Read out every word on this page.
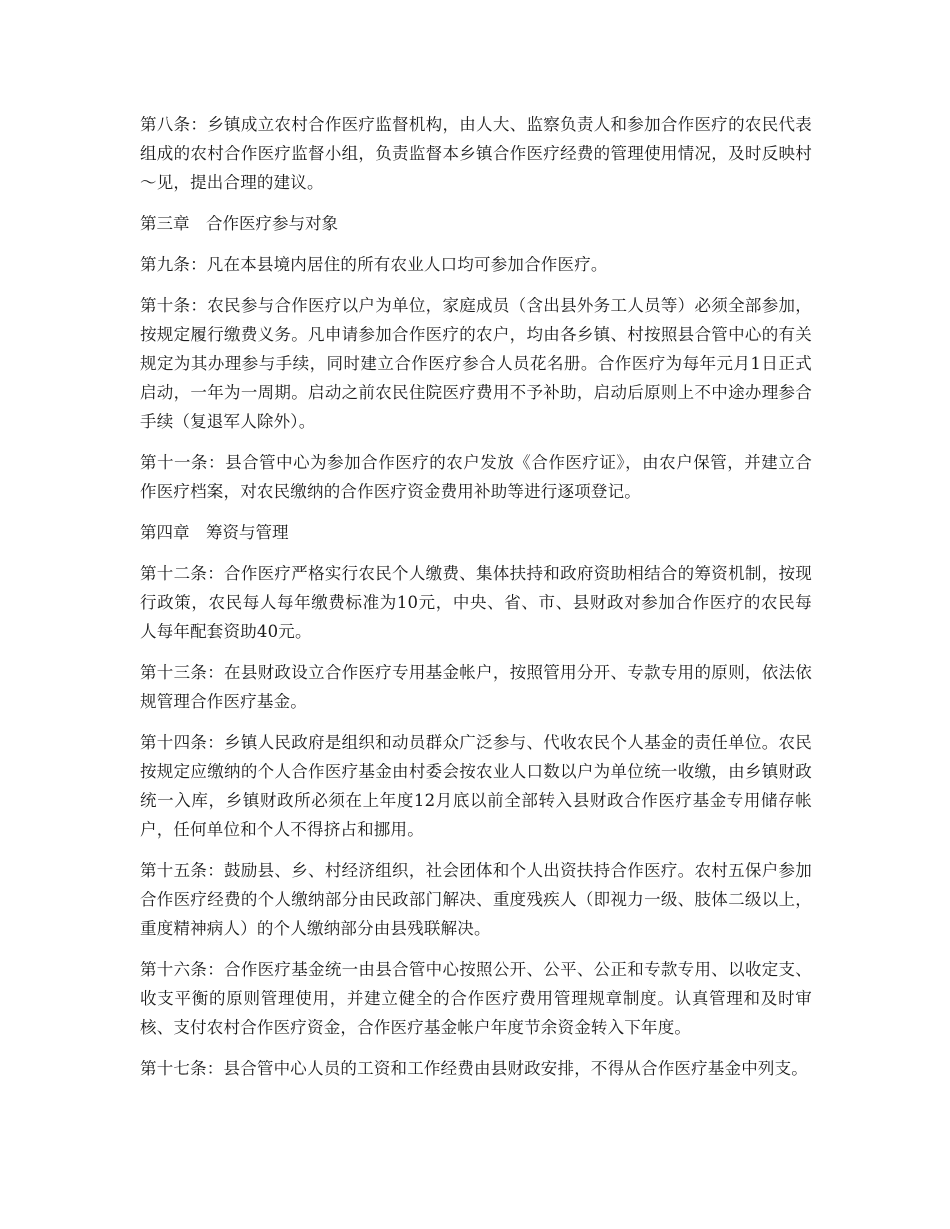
第八条：乡镇成立农村合作医疗监督机构，由人大、监察负责人和参加合作医疗的农民代表组成的农村合作医疗监督小组，负责监督本乡镇合作医疗经费的管理使用情况，及时反映村～见，提出合理的建议。

第三章　合作医疗参与对象

第九条：凡在本县境内居住的所有农业人口均可参加合作医疗。

第十条：农民参与合作医疗以户为单位，家庭成员（含出县外务工人员等）必须全部参加，按规定履行缴费义务。凡申请参加合作医疗的农户，均由各乡镇、村按照县合管中心的有关规定为其办理参与手续，同时建立合作医疗参合人员花名册。合作医疗为每年元月1日正式启动，一年为一周期。启动之前农民住院医疗费用不予补助，启动后原则上不中途办理参合手续（复退军人除外）。

第十一条：县合管中心为参加合作医疗的农户发放《合作医疗证》，由农户保管，并建立合作医疗档案，对农民缴纳的合作医疗资金费用补助等进行逐项登记。

第四章　筹资与管理

第十二条：合作医疗严格实行农民个人缴费、集体扶持和政府资助相结合的筹资机制，按现行政策，农民每人每年缴费标准为10元，中央、省、市、县财政对参加合作医疗的农民每人每年配套资助40元。

第十三条：在县财政设立合作医疗专用基金帐户，按照管用分开、专款专用的原则，依法依规管理合作医疗基金。

第十四条：乡镇人民政府是组织和动员群众广泛参与、代收农民个人基金的责任单位。农民按规定应缴纳的个人合作医疗基金由村委会按农业人口数以户为单位统一收缴，由乡镇财政统一入库，乡镇财政所必须在上年度12月底以前全部转入县财政合作医疗基金专用储存帐户，任何单位和个人不得挤占和挪用。

第十五条：鼓励县、乡、村经济组织，社会团体和个人出资扶持合作医疗。农村五保户参加合作医疗经费的个人缴纳部分由民政部门解决、重度残疾人（即视力一级、肢体二级以上，重度精神病人）的个人缴纳部分由县残联解决。

第十六条：合作医疗基金统一由县合管中心按照公开、公平、公正和专款专用、以收定支、收支平衡的原则管理使用，并建立健全的合作医疗费用管理规章制度。认真管理和及时审核、支付农村合作医疗资金，合作医疗基金帐户年度节余资金转入下年度。

第十七条：县合管中心人员的工资和工作经费由县财政安排，不得从合作医疗基金中列支。
